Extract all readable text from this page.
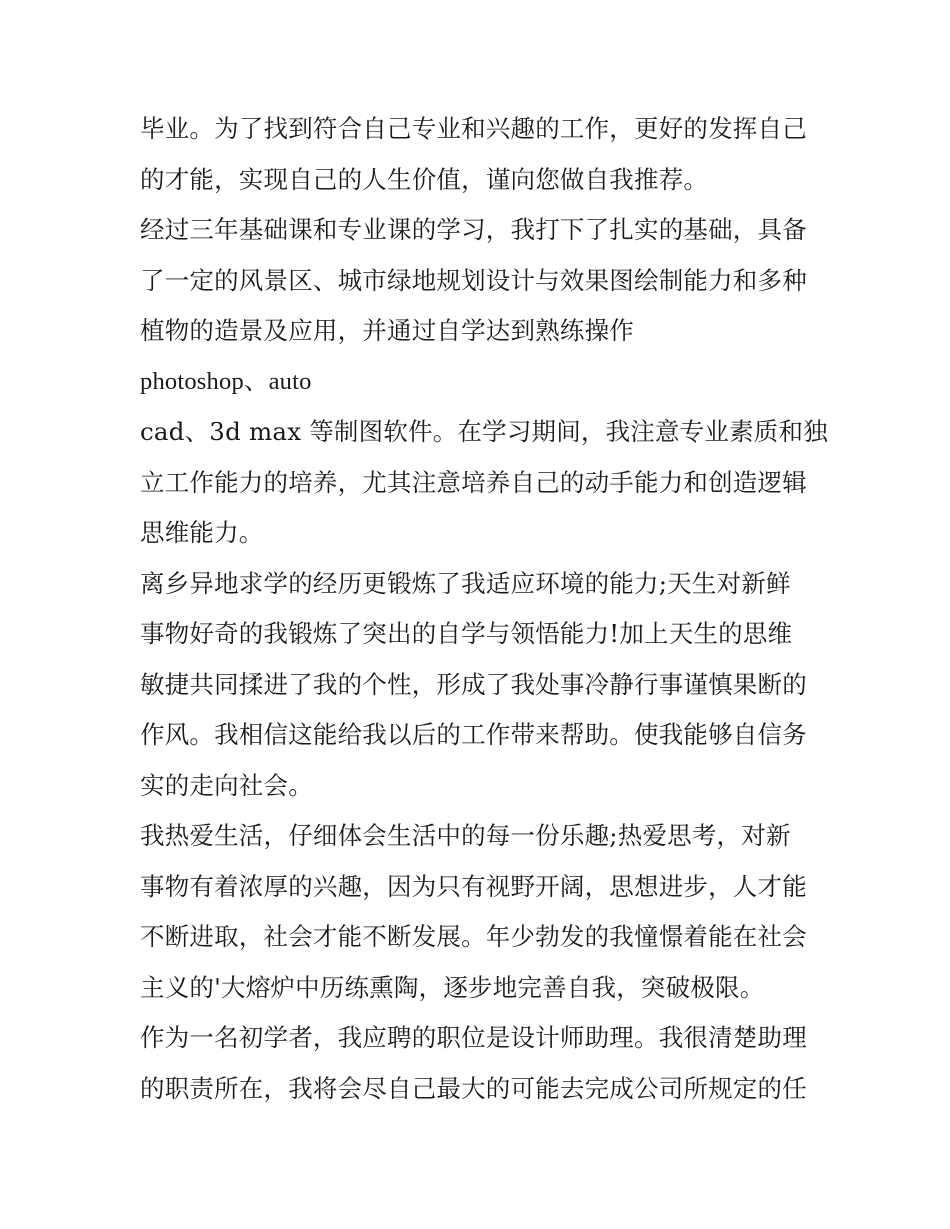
毕业。为了找到符合自己专业和兴趣的工作，更好的发挥自己
的才能，实现自己的人生价值，谨向您做自我推荐。
经过三年基础课和专业课的学习，我打下了扎实的基础，具备
了一定的风景区、城市绿地规划设计与效果图绘制能力和多种
植物的造景及应用，并通过自学达到熟练操作
photoshop、auto
cad、3d max 等制图软件。在学习期间，我注意专业素质和独
立工作能力的培养，尤其注意培养自己的动手能力和创造逻辑
思维能力。
离乡异地求学的经历更锻炼了我适应环境的能力;天生对新鲜
事物好奇的我锻炼了突出的自学与领悟能力!加上天生的思维
敏捷共同揉进了我的个性，形成了我处事冷静行事谨慎果断的
作风。我相信这能给我以后的工作带来帮助。使我能够自信务
实的走向社会。
我热爱生活，仔细体会生活中的每一份乐趣;热爱思考，对新
事物有着浓厚的兴趣，因为只有视野开阔，思想进步，人才能
不断进取，社会才能不断发展。年少勃发的我憧憬着能在社会
主义的'大熔炉中历练熏陶，逐步地完善自我，突破极限。
作为一名初学者，我应聘的职位是设计师助理。我很清楚助理
的职责所在，我将会尽自己最大的可能去完成公司所规定的任
